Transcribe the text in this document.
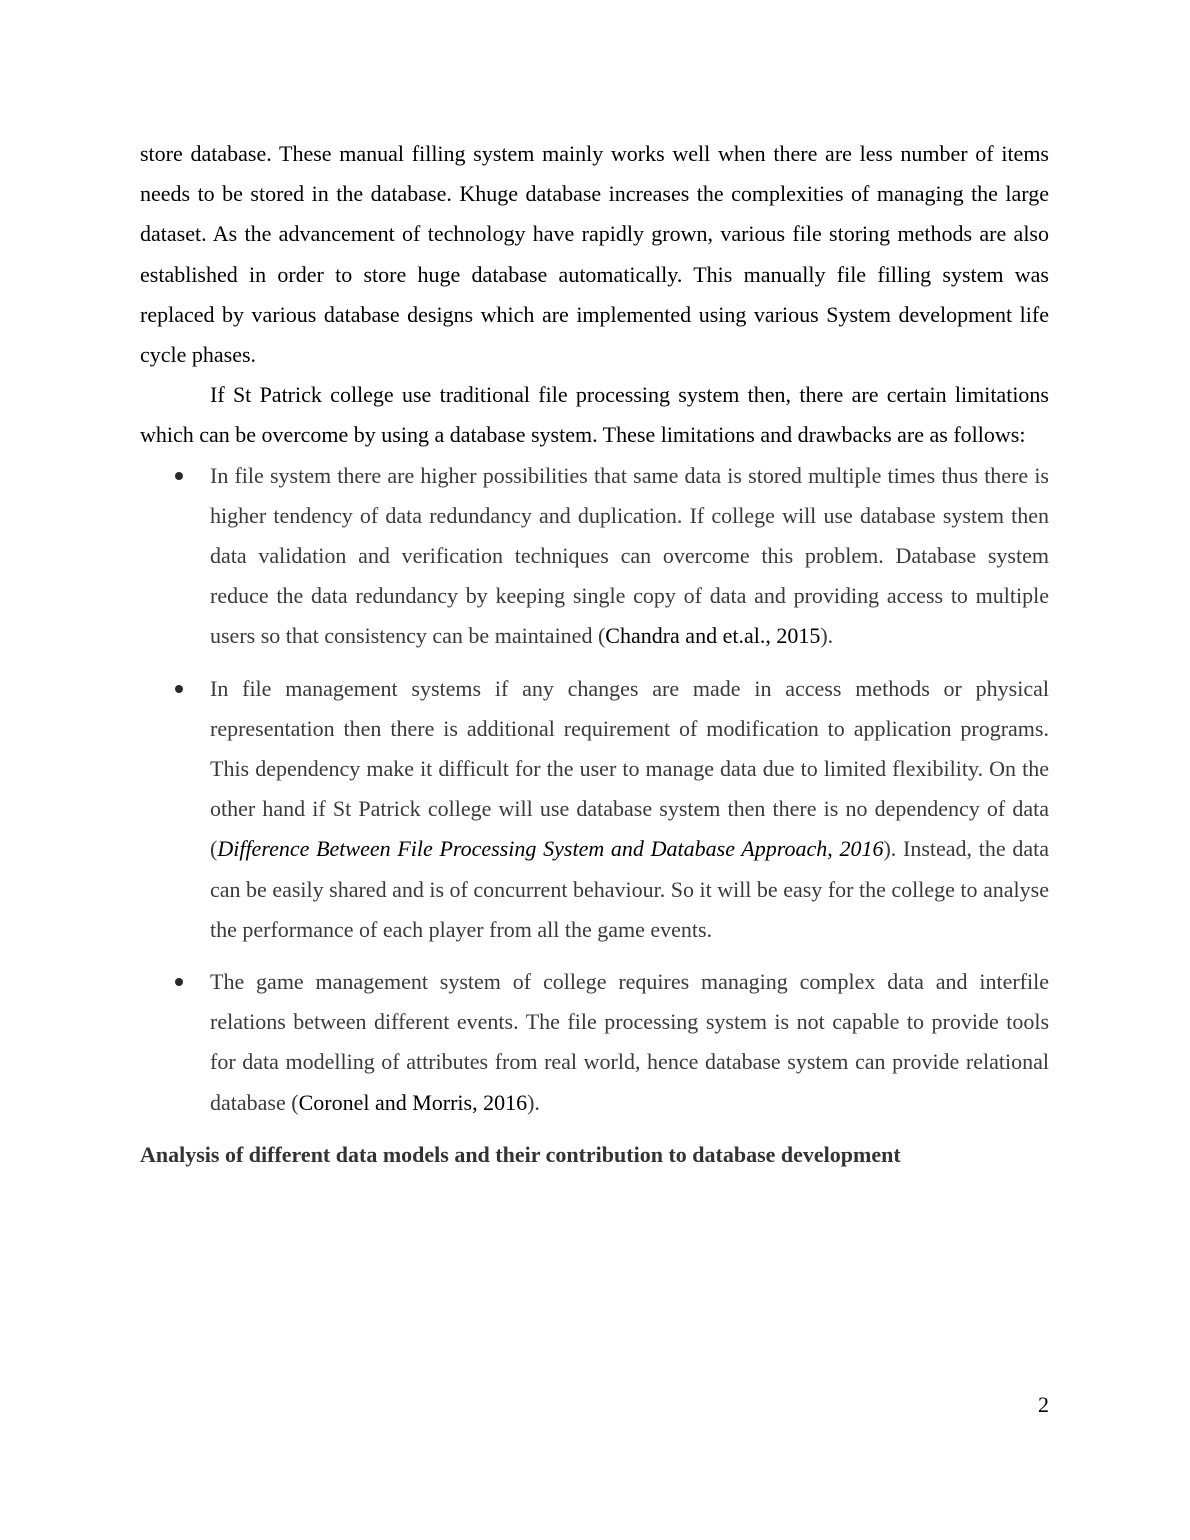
store database. These manual filling system mainly works well when there are less number of items needs to be stored in the database. Khuge database increases the complexities of managing the large dataset. As the advancement of technology have rapidly grown, various file storing methods are also established in order to store huge database automatically. This manually file filling system was replaced by various database designs which are implemented using various System development life cycle phases.

If St Patrick college use traditional file processing system then, there are certain limitations which can be overcome by using a database system. These limitations and drawbacks are as follows:

In file system there are higher possibilities that same data is stored multiple times thus there is higher tendency of data redundancy and duplication. If college will use database system then data validation and verification techniques can overcome this problem. Database system reduce the data redundancy by keeping single copy of data and providing access to multiple users so that consistency can be maintained (Chandra and et.al., 2015).
In file management systems if any changes are made in access methods or physical representation then there is additional requirement of modification to application programs. This dependency make it difficult for the user to manage data due to limited flexibility. On the other hand if St Patrick college will use database system then there is no dependency of data (Difference Between File Processing System and Database Approach, 2016). Instead, the data can be easily shared and is of concurrent behaviour. So it will be easy for the college to analyse the performance of each player from all the game events.
The game management system of college requires managing complex data and interfile relations between different events. The file processing system is not capable to provide tools for data modelling of attributes from real world, hence database system can provide relational database (Coronel and Morris, 2016).

Analysis of different data models and their contribution to database development

2
